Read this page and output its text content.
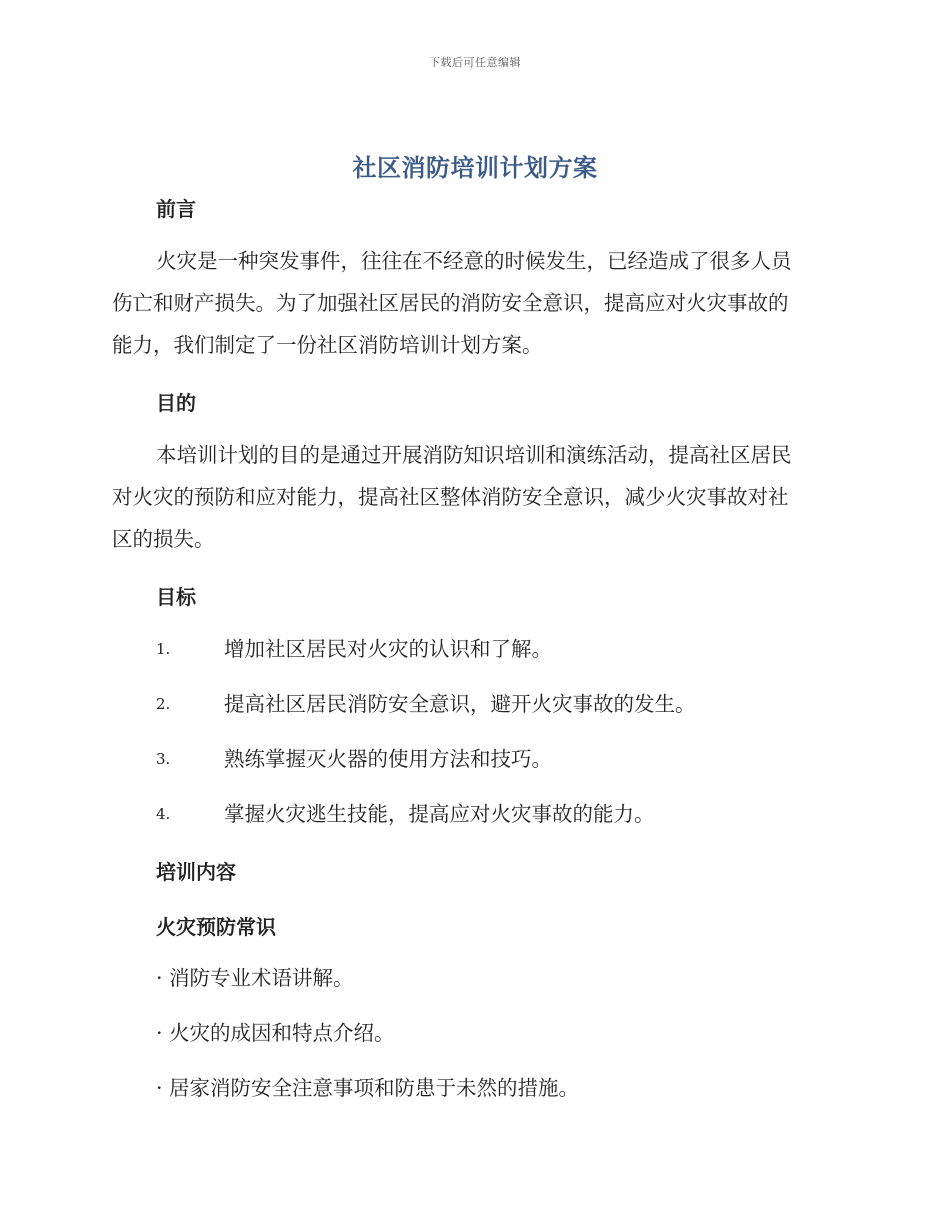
下载后可任意编辑
社区消防培训计划方案
前言
火灾是一种突发事件，往往在不经意的时候发生，已经造成了很多人员
伤亡和财产损失。为了加强社区居民的消防安全意识，提高应对火灾事故的
能力，我们制定了一份社区消防培训计划方案。
目的
本培训计划的目的是通过开展消防知识培训和演练活动，提高社区居民
对火灾的预防和应对能力，提高社区整体消防安全意识，减少火灾事故对社
区的损失。
目标
1.	增加社区居民对火灾的认识和了解。
2.	提高社区居民消防安全意识，避开火灾事故的发生。
3.	熟练掌握灭火器的使用方法和技巧。
4.	掌握火灾逃生技能，提高应对火灾事故的能力。
培训内容
火灾预防常识
· 消防专业术语讲解。
· 火灾的成因和特点介绍。
· 居家消防安全注意事项和防患于未然的措施。
